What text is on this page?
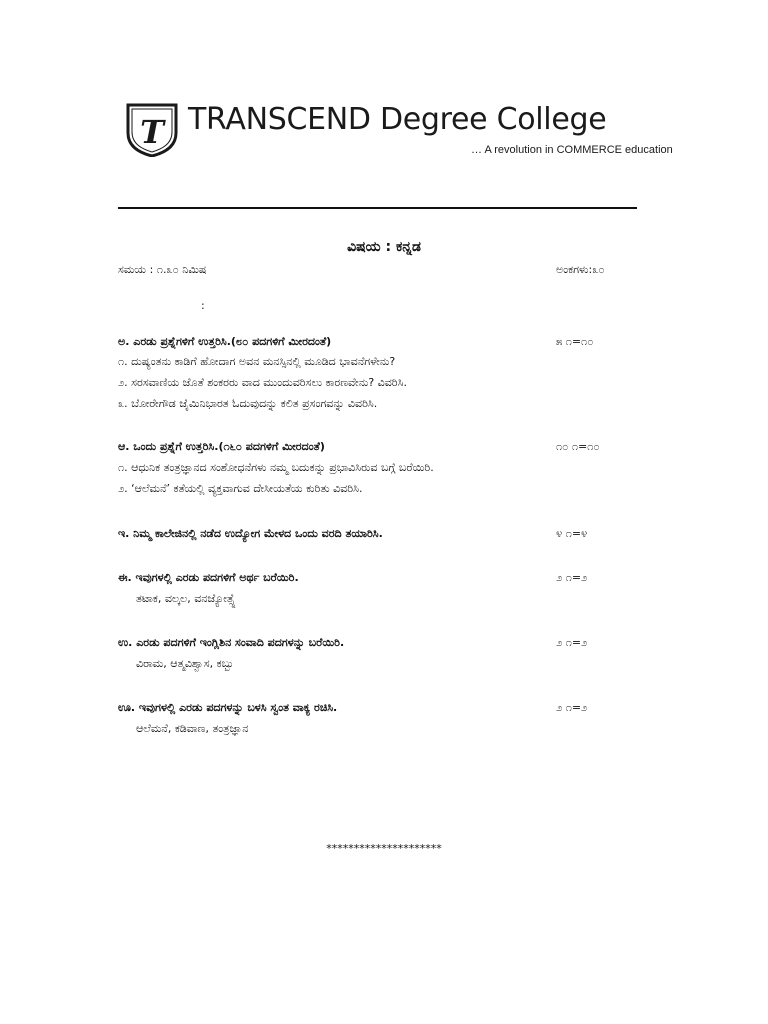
T TRANSCEND Degree College
… A revolution in COMMERCE education
ವಿಷಯ : ಕನ್ನಡ
ಸಮಯ : ೧.೩೦ ನಿಮಿಷ	ಅಂಕಗಳು:೩೦
:
ಅ. ಎರಡು ಪ್ರಶ್ನೆಗಳಿಗೆ ಉತ್ತರಿಸಿ.(೮೦ ಪದಗಳಿಗೆ ಮೀರದಂತೆ)	೫ ೧=೧೦
೧. ದುಷ್ಯಂತನು ಕಾಡಿಗೆ ಹೋದಾಗ ಅವನ ಮನಸ್ಸಿನಲ್ಲಿ ಮೂಡಿದ ಭಾವನೆಗಳೇನು?
೨. ಸರಸವಾಣಿಯ ಜೊತೆ ಶಂಕರರು ವಾದ ಮುಂದುವರಿಸಲು ಕಾರಣವೇನು? ವಿವರಿಸಿ.
೩. ಬೋರೇಗೌಡ ಜೈಮಿನಿಭಾರತ ಓದುವುದನ್ನು ಕಲಿತ ಪ್ರಸಂಗವನ್ನು ವಿವರಿಸಿ.
ಆ. ಒಂದು ಪ್ರಶ್ನೆಗೆ ಉತ್ತರಿಸಿ.(೧೬೦ ಪದಗಳಿಗೆ ಮೀರದಂತೆ)	೧೦ ೧=೧೦
೧. ಆಧುನಿಕ ತಂತ್ರಜ್ಞಾನದ ಸಂಶೋಧನೆಗಳು ನಮ್ಮ ಬದುಕನ್ನು ಪ್ರಭಾವಿಸಿರುವ ಬಗ್ಗೆ ಬರೆಯಿರಿ.
೨. ‘ಆಲೆಮನೆ’ ಕತೆಯಲ್ಲಿ ವ್ಯಕ್ತವಾಗುವ ದೇಸೀಯತೆಯ ಕುರಿತು ವಿವರಿಸಿ.
ಇ. ನಿಮ್ಮ ಕಾಲೇಜಿನಲ್ಲಿ ನಡೆದ ಉದ್ಯೋಗ ಮೇಳದ ಒಂದು ವರದಿ ತಯಾರಿಸಿ.	೪ ೧=೪
ಈ. ಇವುಗಳಲ್ಲಿ ಎರಡು ಪದಗಳಿಗೆ ಅರ್ಥ ಬರೆಯಿರಿ.	೨ ೧=೨
ತಟಾಕ, ವಲ್ಕಲ, ವನಜ್ಯೋತ್ಸ್ನೆ
ಉ. ಎರಡು ಪದಗಳಿಗೆ ಇಂಗ್ಲಿಶಿನ ಸಂವಾದಿ ಪದಗಳನ್ನು ಬರೆಯಿರಿ.	೨ ೧=೨
ವಿರಾಮ, ಆತ್ಮವಿಶ್ವಾಸ, ಕಬ್ಬು
ಊ. ಇವುಗಳಲ್ಲಿ ಎರಡು ಪದಗಳನ್ನು ಬಳಸಿ ಸ್ವಂತ ವಾಕ್ಯ ರಚಿಸಿ.	೨ ೧=೨
ಆಲೆಮನೆ, ಕಡಿವಾಣ, ತಂತ್ರಜ್ಞಾನ
*********************
